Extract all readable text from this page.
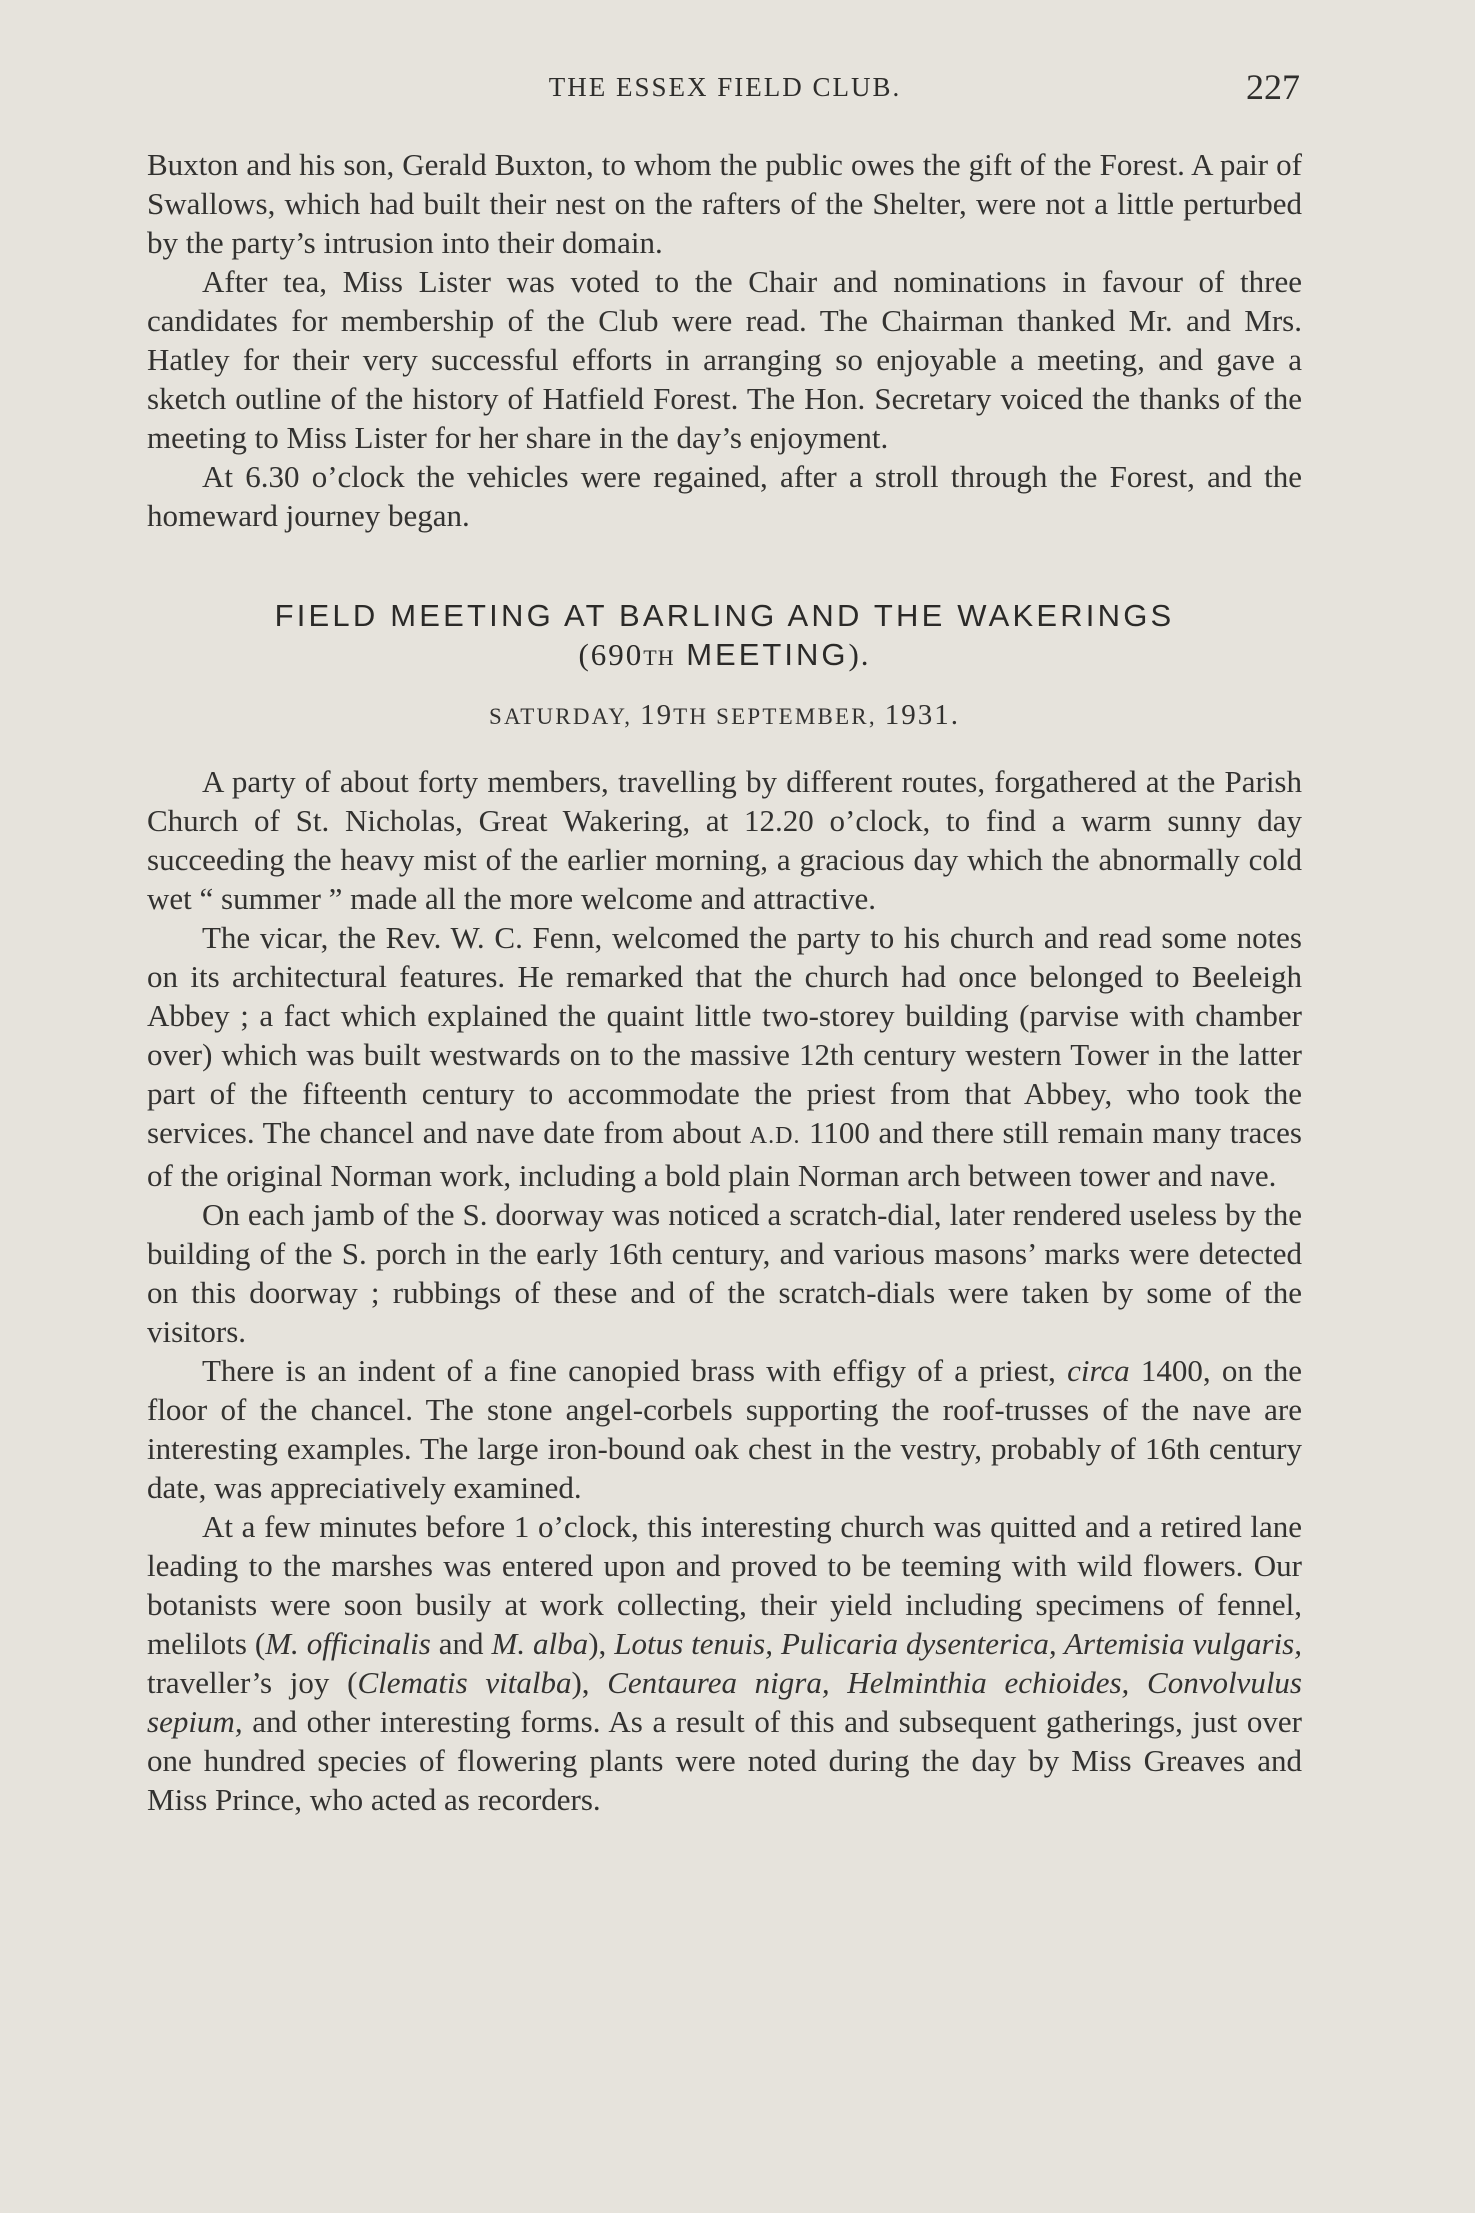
THE ESSEX FIELD CLUB.	227

Buxton and his son, Gerald Buxton, to whom the public owes the gift of the Forest. A pair of Swallows, which had built their nest on the rafters of the Shelter, were not a little perturbed by the party’s intrusion into their domain.

After tea, Miss Lister was voted to the Chair and nominations in favour of three candidates for membership of the Club were read. The Chairman thanked Mr. and Mrs. Hatley for their very successful efforts in arranging so enjoyable a meeting, and gave a sketch outline of the history of Hatfield Forest. The Hon. Secretary voiced the thanks of the meeting to Miss Lister for her share in the day’s enjoyment.

At 6.30 o’clock the vehicles were regained, after a stroll through the Forest, and the homeward journey began.

FIELD MEETING AT BARLING AND THE WAKERINGS
(690TH MEETING).
SATURDAY, 19TH SEPTEMBER, 1931.

A party of about forty members, travelling by different routes, forgathered at the Parish Church of St. Nicholas, Great Wakering, at 12.20 o’clock, to find a warm sunny day succeeding the heavy mist of the earlier morning, a gracious day which the abnormally cold wet “ summer ” made all the more welcome and attractive.

The vicar, the Rev. W. C. Fenn, welcomed the party to his church and read some notes on its architectural features. He remarked that the church had once belonged to Beeleigh Abbey ; a fact which explained the quaint little two-storey building (parvise with chamber over) which was built westwards on to the massive 12th century western Tower in the latter part of the fifteenth century to accommodate the priest from that Abbey, who took the services. The chancel and nave date from about A.D. 1100 and there still remain many traces of the original Norman work, including a bold plain Norman arch between tower and nave.

On each jamb of the S. doorway was noticed a scratch-dial, later rendered useless by the building of the S. porch in the early 16th century, and various masons’ marks were detected on this doorway ; rubbings of these and of the scratch-dials were taken by some of the visitors.

There is an indent of a fine canopied brass with effigy of a priest, circa 1400, on the floor of the chancel. The stone angel-corbels supporting the roof-trusses of the nave are interesting examples. The large iron-bound oak chest in the vestry, probably of 16th century date, was appreciatively examined.

At a few minutes before 1 o’clock, this interesting church was quitted and a retired lane leading to the marshes was entered upon and proved to be teeming with wild flowers. Our botanists were soon busily at work collecting, their yield including specimens of fennel, melilots (M. officinalis and M. alba), Lotus tenuis, Pulicaria dysenterica, Artemisia vulgaris, traveller’s joy (Clematis vitalba), Centaurea nigra, Helminthia echioides, Convolvulus sepium, and other interesting forms. As a result of this and subsequent gatherings, just over one hundred species of flowering plants were noted during the day by Miss Greaves and Miss Prince, who acted as recorders.
